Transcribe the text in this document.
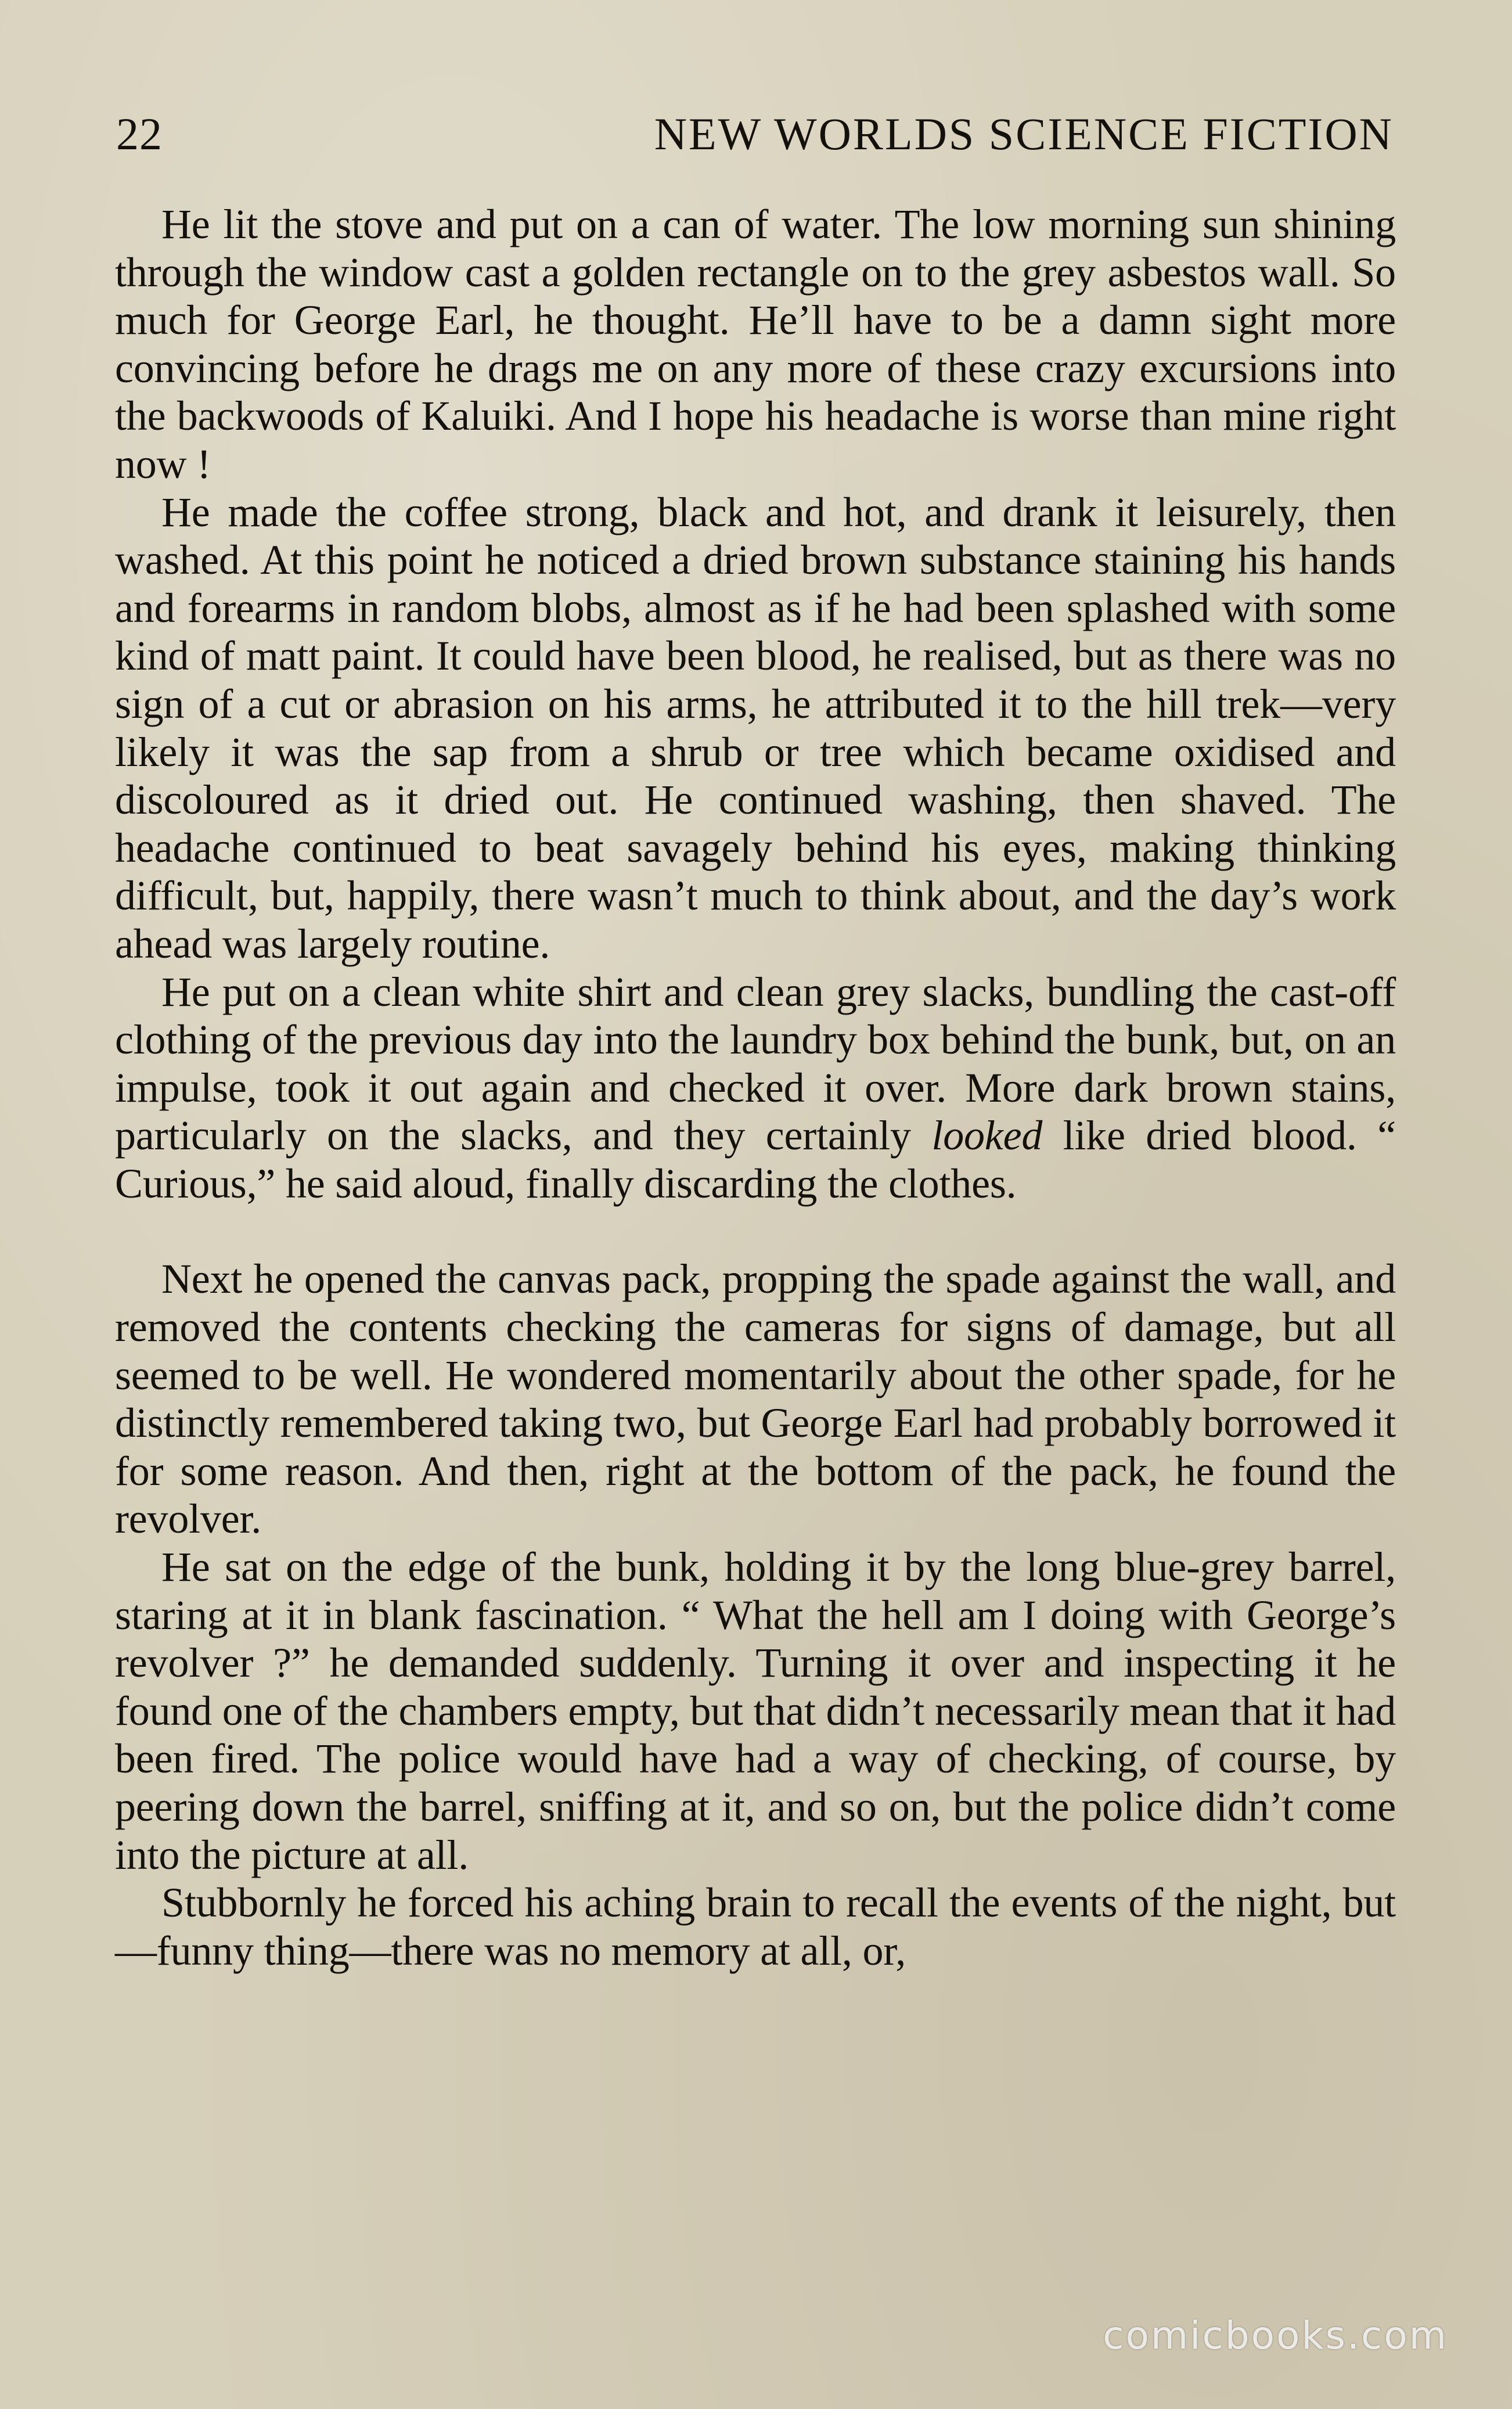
22	NEW WORLDS SCIENCE FICTION

He lit the stove and put on a can of water. The low morning sun shining through the window cast a golden rectangle on to the grey asbestos wall. So much for George Earl, he thought. He’ll have to be a damn sight more convincing before he drags me on any more of these crazy excursions into the backwoods of Kaluiki. And I hope his headache is worse than mine right now !

He made the coffee strong, black and hot, and drank it leisurely, then washed. At this point he noticed a dried brown substance staining his hands and forearms in random blobs, almost as if he had been splashed with some kind of matt paint. It could have been blood, he realised, but as there was no sign of a cut or abrasion on his arms, he attributed it to the hill trek—very likely it was the sap from a shrub or tree which became oxidised and discoloured as it dried out. He continued washing, then shaved. The headache continued to beat savagely behind his eyes, making thinking difficult, but, happily, there wasn’t much to think about, and the day’s work ahead was largely routine.

He put on a clean white shirt and clean grey slacks, bundling the cast-off clothing of the previous day into the laundry box behind the bunk, but, on an impulse, took it out again and checked it over. More dark brown stains, particularly on the slacks, and they certainly looked like dried blood. “ Curious,” he said aloud, finally discarding the clothes.

Next he opened the canvas pack, propping the spade against the wall, and removed the contents checking the cameras for signs of damage, but all seemed to be well. He wondered momentarily about the other spade, for he distinctly remembered taking two, but George Earl had probably borrowed it for some reason. And then, right at the bottom of the pack, he found the revolver.

He sat on the edge of the bunk, holding it by the long blue-grey barrel, staring at it in blank fascination. “ What the hell am I doing with George’s revolver ?” he demanded suddenly. Turning it over and inspecting it he found one of the chambers empty, but that didn’t necessarily mean that it had been fired. The police would have had a way of checking, of course, by peering down the barrel, sniffing at it, and so on, but the police didn’t come into the picture at all.

Stubbornly he forced his aching brain to recall the events of the night, but—funny thing—there was no memory at all, or,

comicbooks.com
